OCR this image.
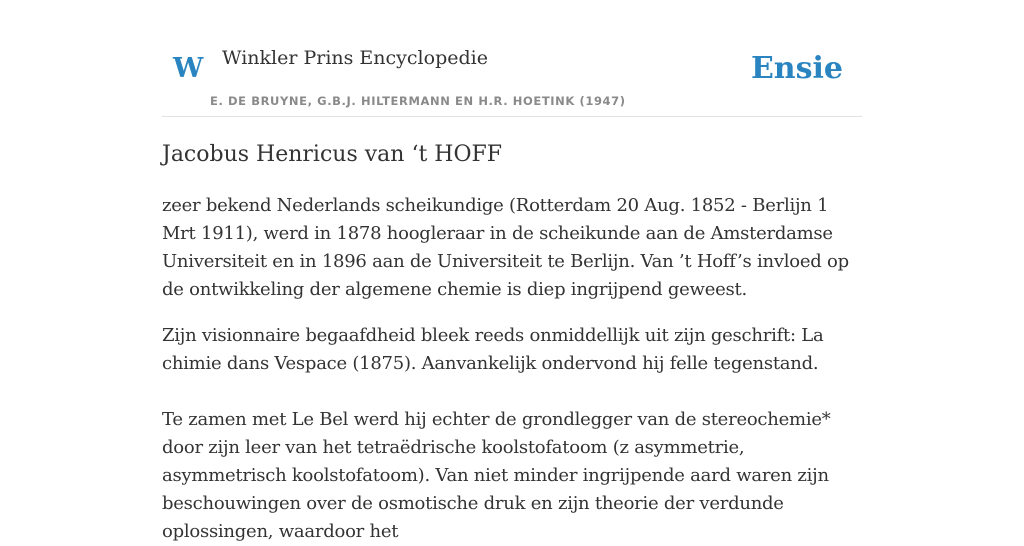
W Winkler Prins Encyclopedie
E. DE BRUYNE, G.B.J. HILTERMANN EN H.R. HOETINK (1947)
Ensie
Jacobus Henricus van ‘t HOFF

zeer bekend Nederlands scheikundige (Rotterdam 20 Aug. 1852 - Berlijn 1 Mrt 1911), werd in 1878 hoogleraar in de scheikunde aan de Amsterdamse Universiteit en in 1896 aan de Universiteit te Berlijn. Van ’t Hoff’s invloed op de ontwikkeling der algemene chemie is diep ingrijpend geweest.

Zijn visionnaire begaafdheid bleek reeds onmiddellijk uit zijn geschrift: La chimie dans Vespace (1875). Aanvankelijk ondervond hij felle tegenstand.

Te zamen met Le Bel werd hij echter de grondlegger van de stereochemie* door zijn leer van het tetraëdrische koolstofatoom (z asymmetrie, asymmetrisch koolstofatoom). Van niet minder ingrijpende aard waren zijn beschouwingen over de osmotische druk en zijn theorie der verdunde oplossingen, waardoor het
